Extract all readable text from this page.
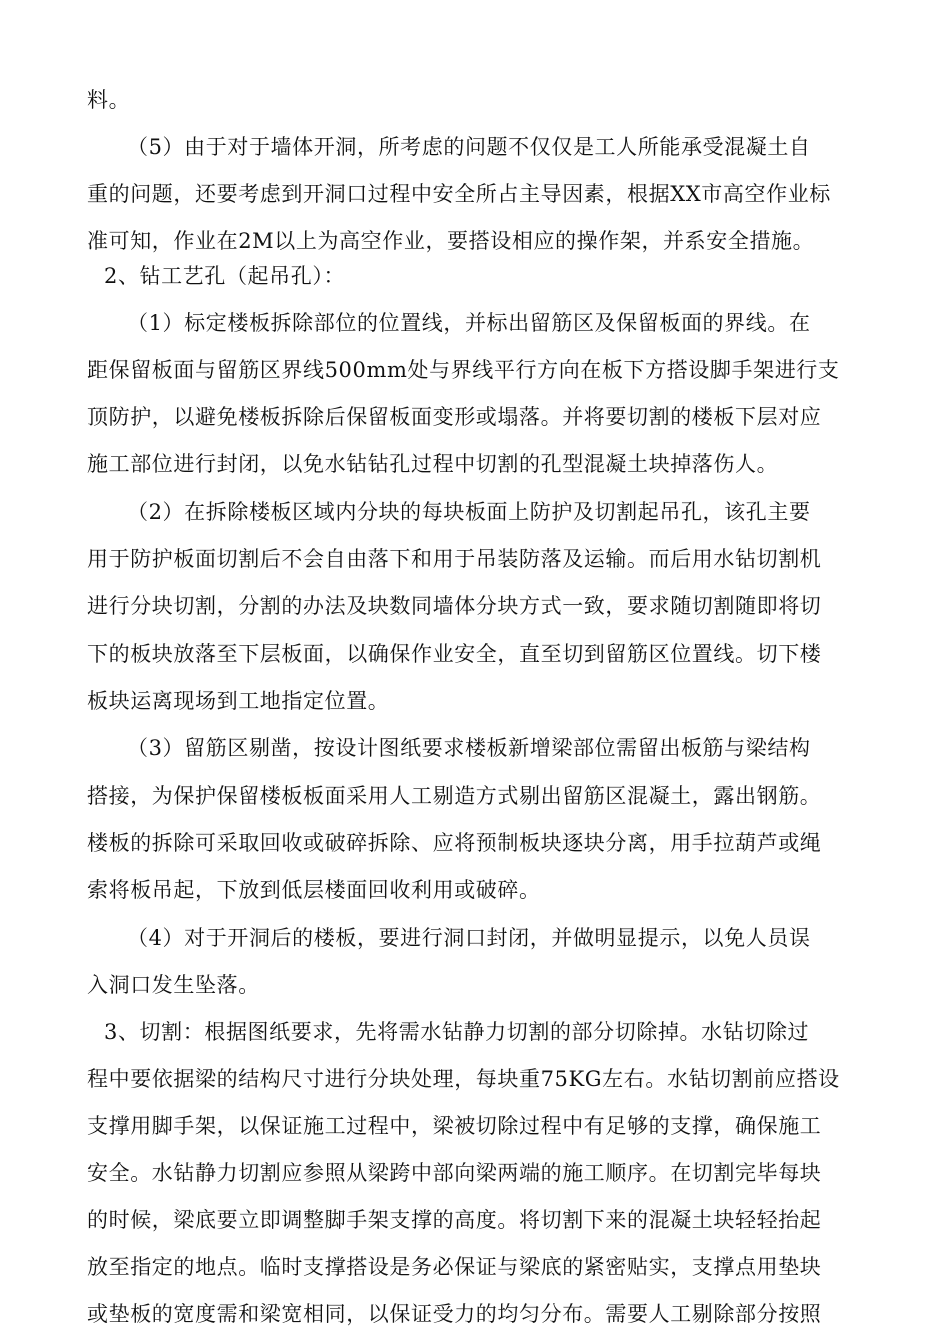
料。
（5）由于对于墙体开洞，所考虑的问题不仅仅是工人所能承受混凝土自
重的问题，还要考虑到开洞口过程中安全所占主导因素，根据XX市高空作业标
准可知，作业在2M以上为高空作业，要搭设相应的操作架，并系安全措施。
2、钻工艺孔（起吊孔）：
（1）标定楼板拆除部位的位置线，并标出留筋区及保留板面的界线。在
距保留板面与留筋区界线500mm处与界线平行方向在板下方搭设脚手架进行支
顶防护，以避免楼板拆除后保留板面变形或塌落。并将要切割的楼板下层对应
施工部位进行封闭，以免水钻钻孔过程中切割的孔型混凝土块掉落伤人。
（2）在拆除楼板区域内分块的每块板面上防护及切割起吊孔，该孔主要
用于防护板面切割后不会自由落下和用于吊装防落及运输。而后用水钻切割机
进行分块切割，分割的办法及块数同墙体分块方式一致，要求随切割随即将切
下的板块放落至下层板面，以确保作业安全，直至切到留筋区位置线。切下楼
板块运离现场到工地指定位置。
（3）留筋区剔凿，按设计图纸要求楼板新增梁部位需留出板筋与梁结构
搭接，为保护保留楼板板面采用人工剔造方式剔出留筋区混凝土，露出钢筋。
楼板的拆除可采取回收或破碎拆除、应将预制板块逐块分离，用手拉葫芦或绳
索将板吊起，下放到低层楼面回收利用或破碎。
（4）对于开洞后的楼板，要进行洞口封闭，并做明显提示，以免人员误
入洞口发生坠落。
3、切割：根据图纸要求，先将需水钻静力切割的部分切除掉。水钻切除过
程中要依据梁的结构尺寸进行分块处理，每块重75KG左右。水钻切割前应搭设
支撑用脚手架，以保证施工过程中，梁被切除过程中有足够的支撑，确保施工
安全。水钻静力切割应参照从梁跨中部向梁两端的施工顺序。在切割完毕每块
的时候，梁底要立即调整脚手架支撑的高度。将切割下来的混凝土块轻轻抬起
放至指定的地点。临时支撑搭设是务必保证与梁底的紧密贴实，支撑点用垫块
或垫板的宽度需和梁宽相同，以保证受力的均匀分布。需要人工剔除部分按照
